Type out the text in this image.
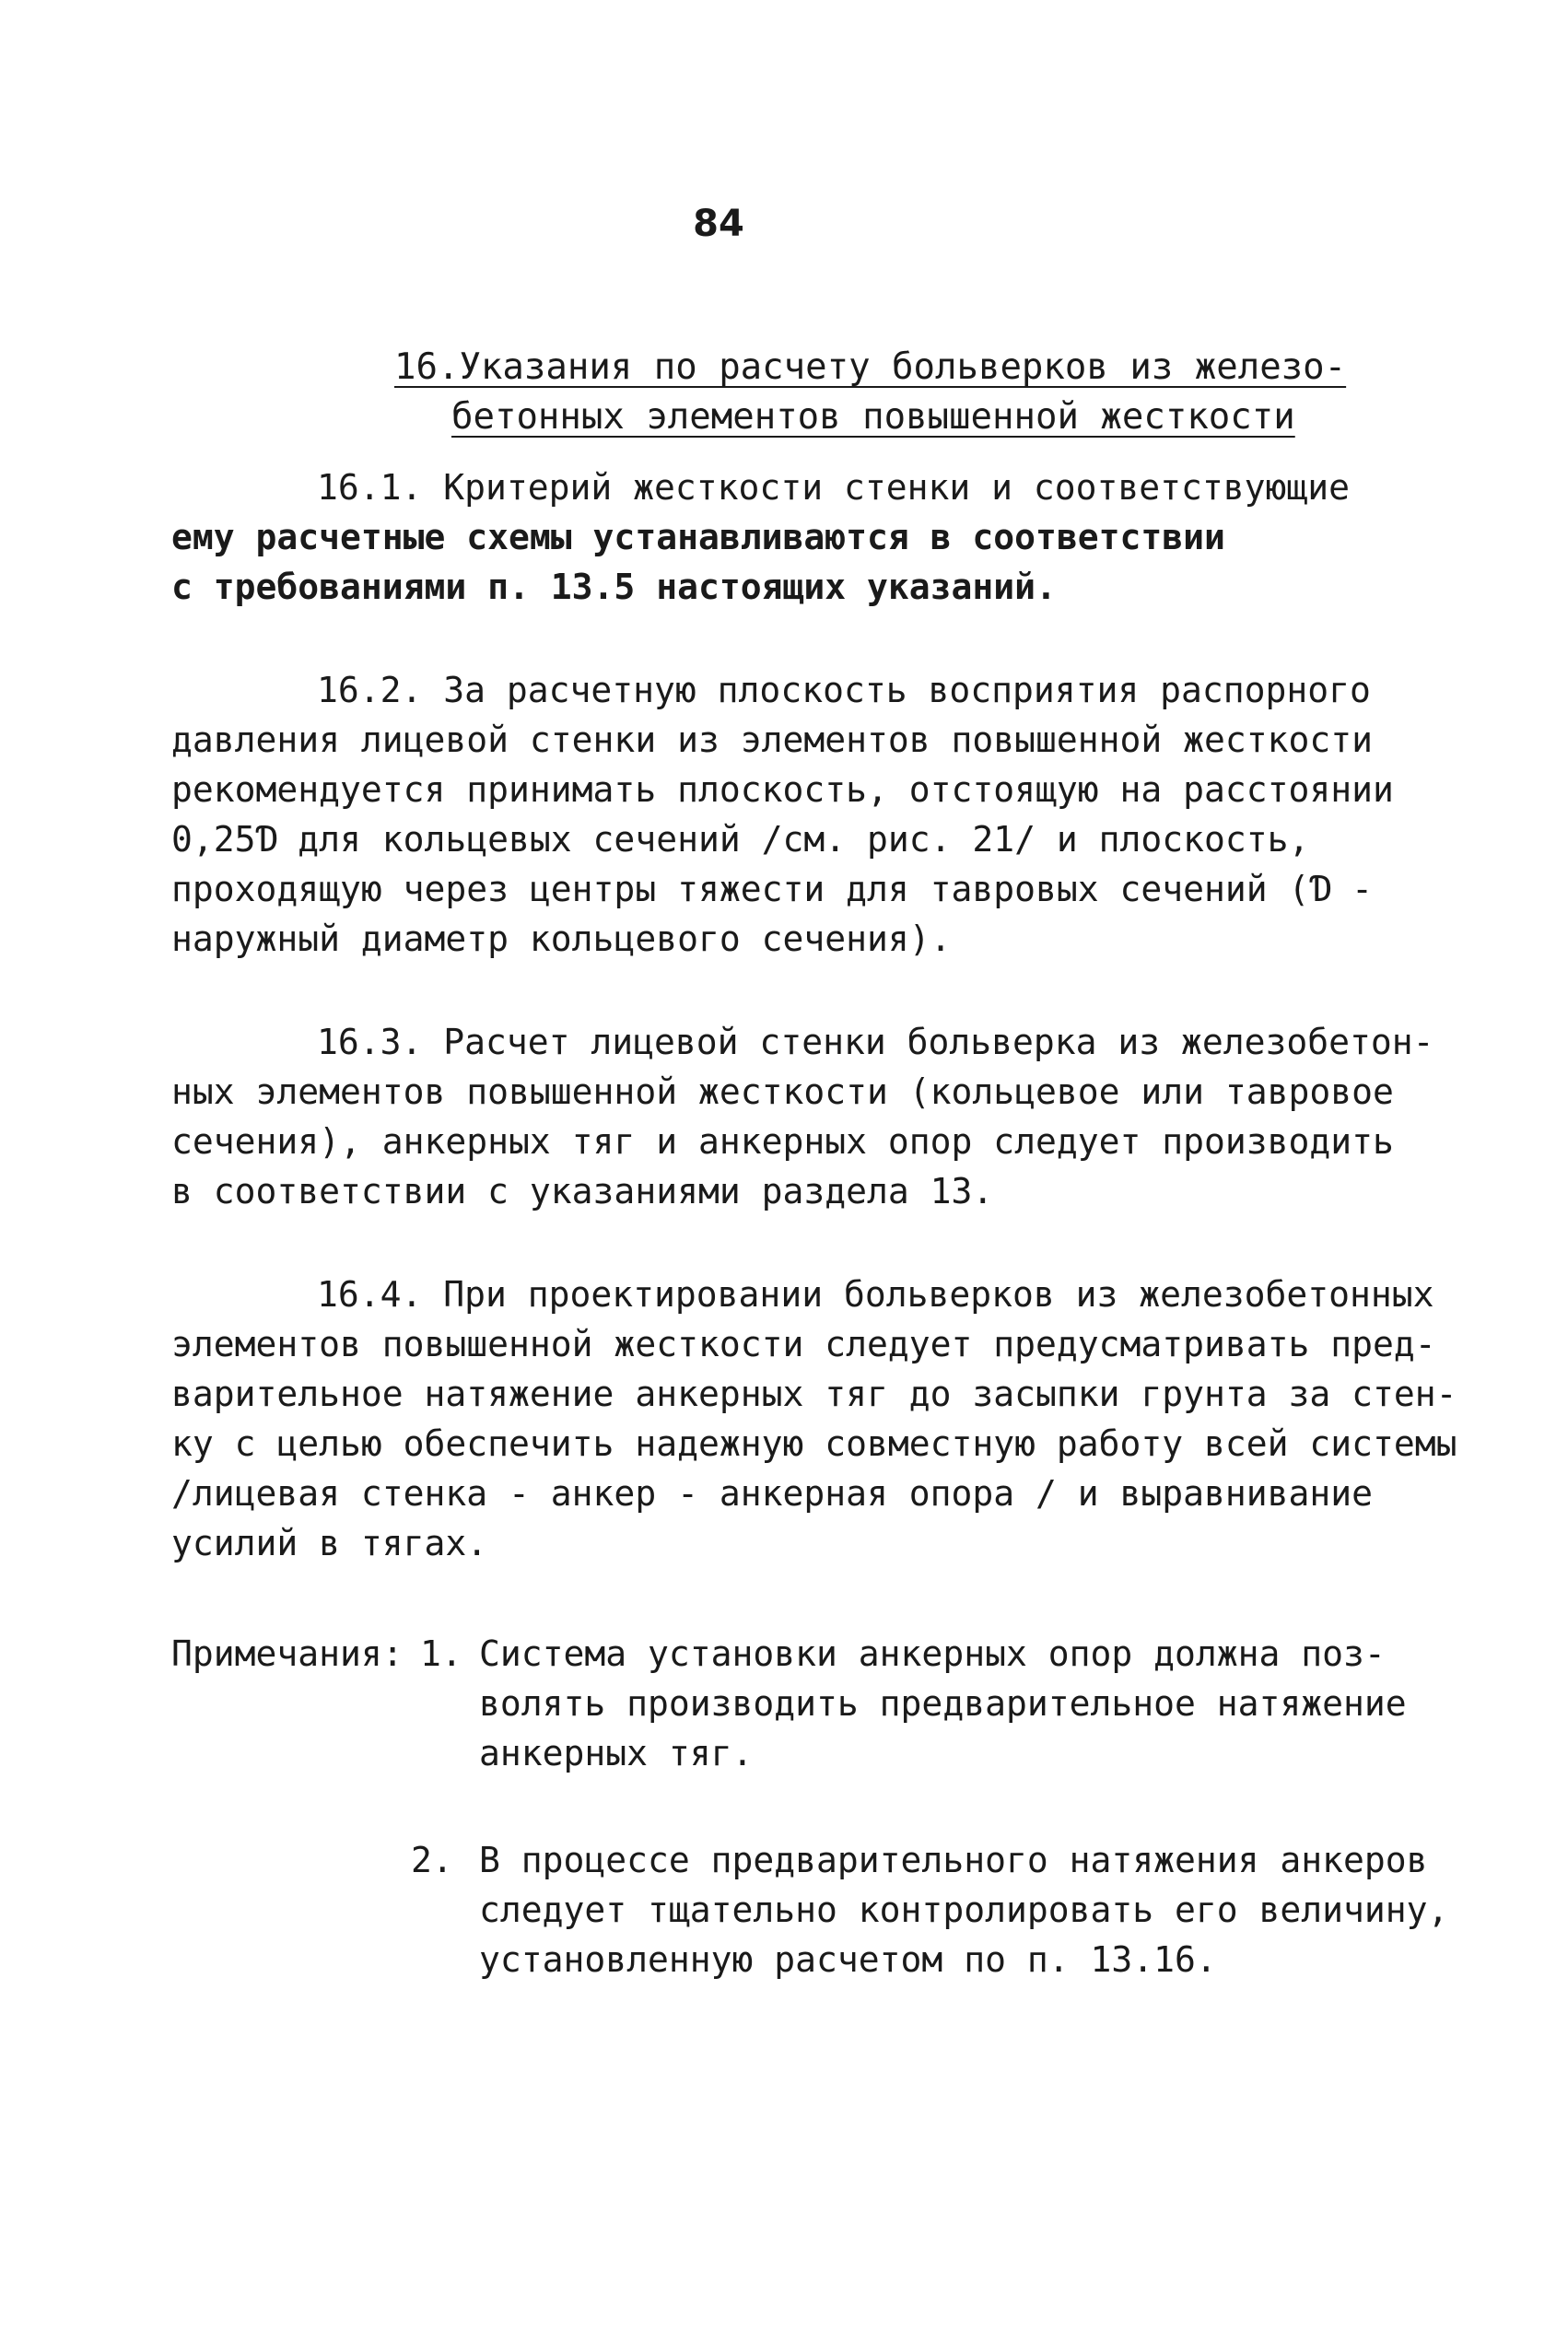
84
16.Указания по расчету больверков из железо-
бетонных элементов повышенной жесткости
16.1. Критерий жесткости стенки и соответствующие
ему расчетные схемы устанавливаются в соответствии
с требованиями п. 13.5 настоящих указаний.
16.2. За расчетную плоскость восприятия распорного
давления лицевой стенки из элементов повышенной жесткости
рекомендуется принимать плоскость, отстоящую на расстоянии
0,25Ɗ для кольцевых сечений /см. рис. 21/ и плоскость,
проходящую через центры тяжести для тавровых сечений (Ɗ -
наружный диаметр кольцевого сечения).
16.3. Расчет лицевой стенки больверка из железобетон-
ных элементов повышенной жесткости (кольцевое или тавровое
сечения), анкерных тяг и анкерных опор следует производить
в соответствии с указаниями раздела 13.
16.4. При проектировании больверков из железобетонных
элементов повышенной жесткости следует предусматривать пред-
варительное натяжение анкерных тяг до засыпки грунта за стен-
ку с целью обеспечить надежную совместную работу всей системы
/лицевая стенка - анкер - анкерная опора / и выравнивание
усилий в тягах.
Примечания: 1. Система установки анкерных опор должна поз-
волять производить предварительное натяжение
анкерных тяг.
2. В процессе предварительного натяжения анкеров
следует тщательно контролировать его величину,
установленную расчетом по п. 13.16.
